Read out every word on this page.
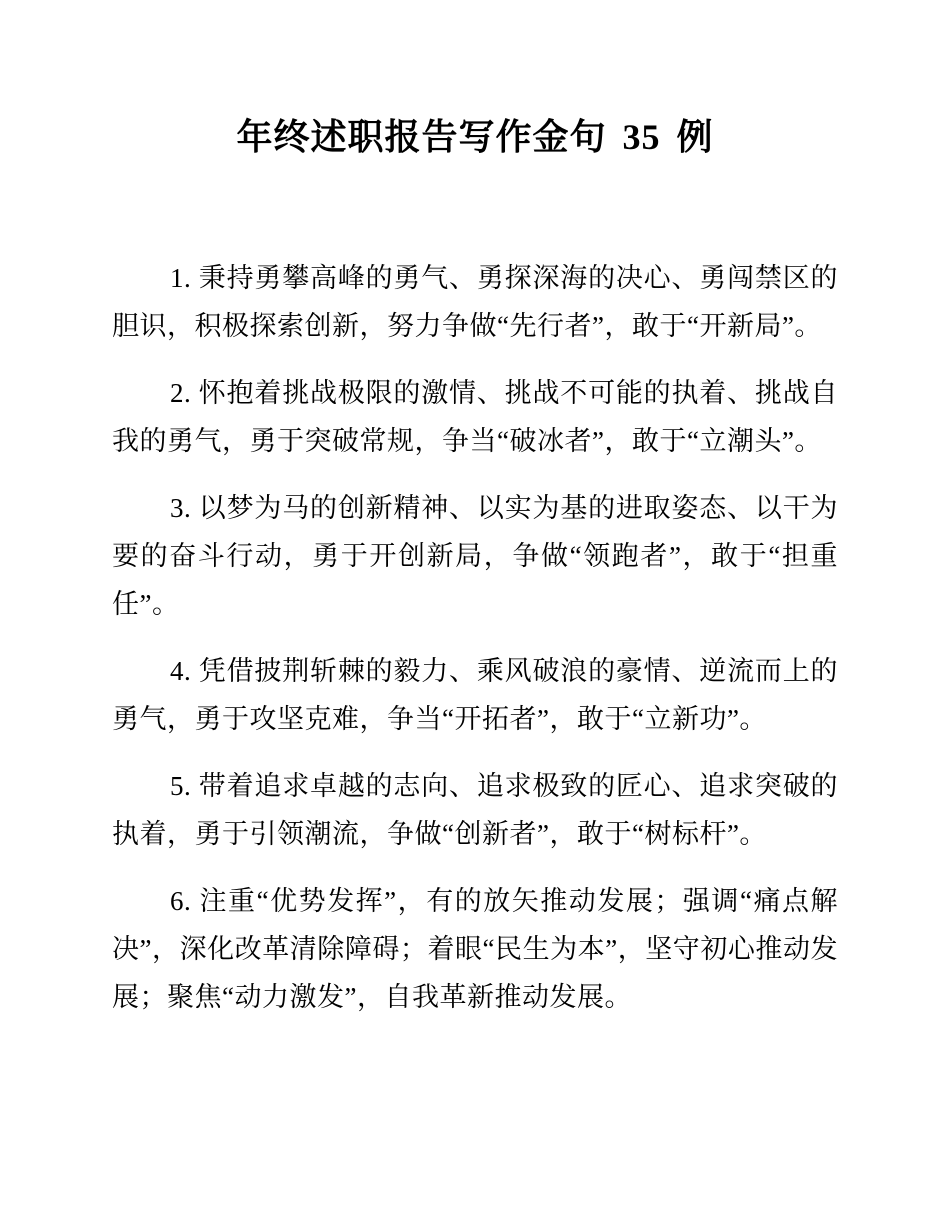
年终述职报告写作金句 35 例

1. 秉持勇攀高峰的勇气、勇探深海的决心、勇闯禁区的胆识，积极探索创新，努力争做“先行者”，敢于“开新局”。

2. 怀抱着挑战极限的激情、挑战不可能的执着、挑战自我的勇气，勇于突破常规，争当“破冰者”，敢于“立潮头”。

3. 以梦为马的创新精神、以实为基的进取姿态、以干为要的奋斗行动，勇于开创新局，争做“领跑者”，敢于“担重任”。

4. 凭借披荆斩棘的毅力、乘风破浪的豪情、逆流而上的勇气，勇于攻坚克难，争当“开拓者”，敢于“立新功”。

5. 带着追求卓越的志向、追求极致的匠心、追求突破的执着，勇于引领潮流，争做“创新者”，敢于“树标杆”。

6. 注重“优势发挥”，有的放矢推动发展；强调“痛点解决”，深化改革清除障碍；着眼“民生为本”，坚守初心推动发展；聚焦“动力激发”，自我革新推动发展。
